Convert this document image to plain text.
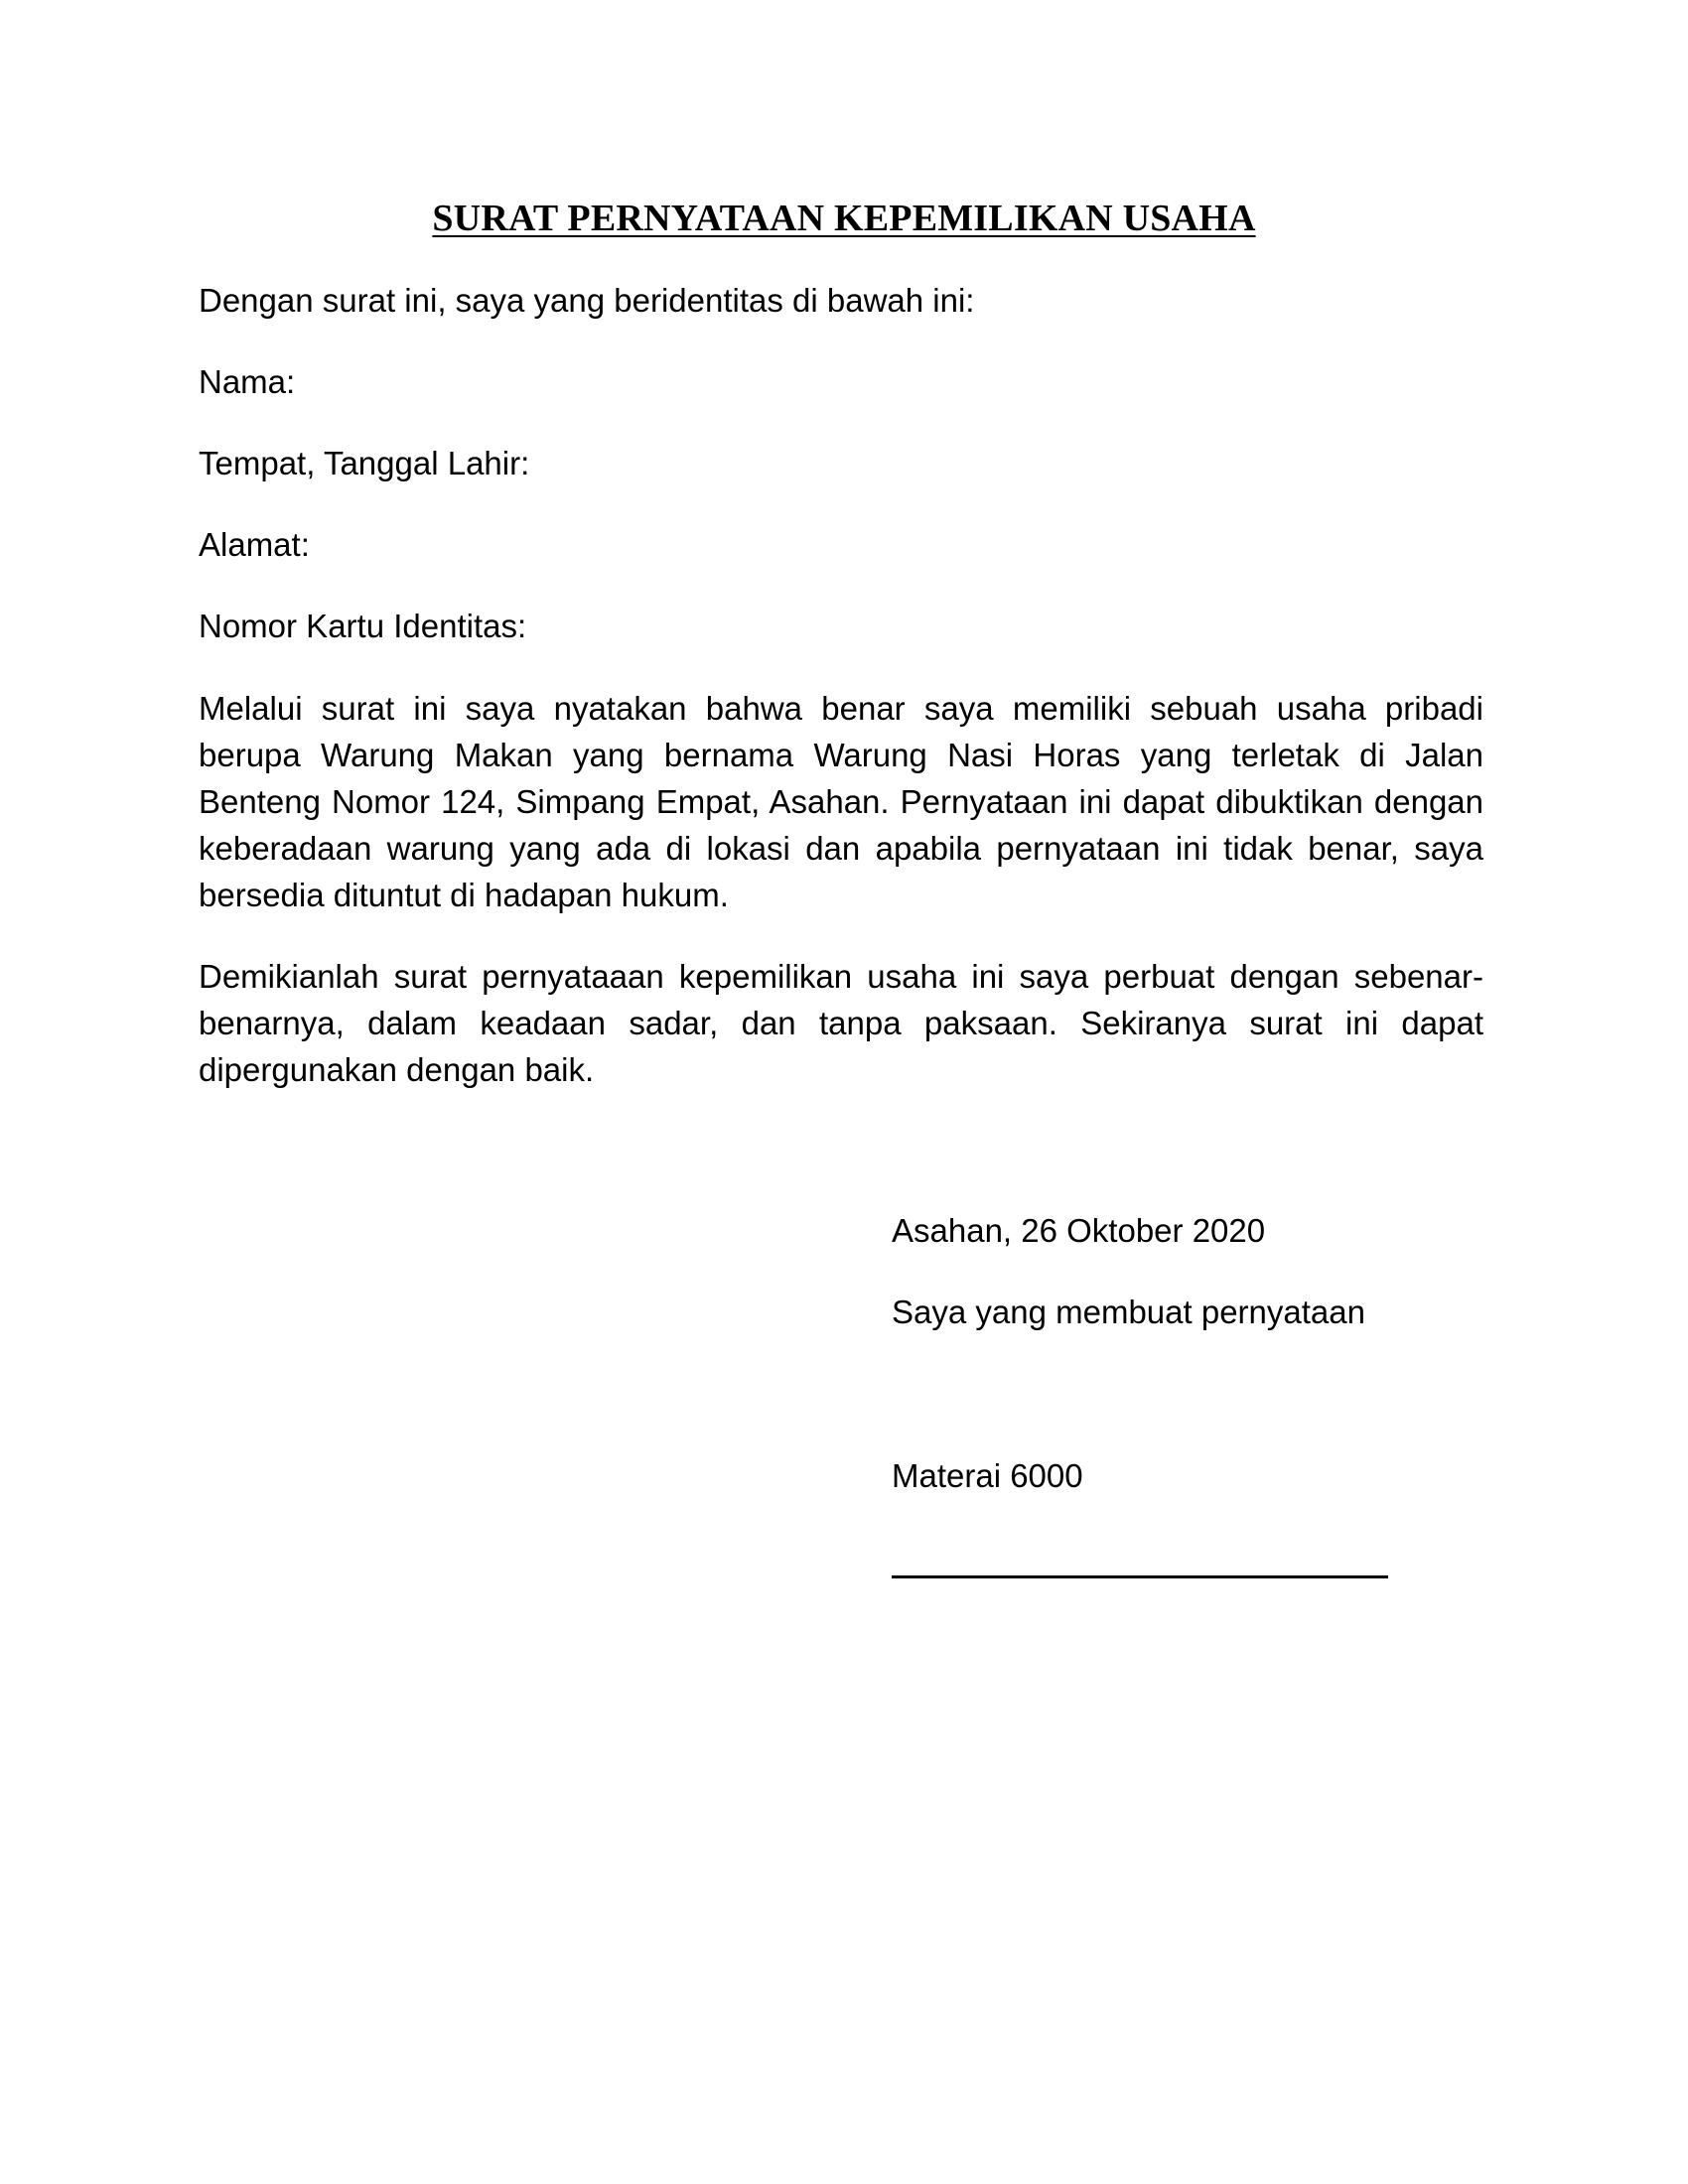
SURAT PERNYATAAN KEPEMILIKAN USAHA
Dengan surat ini, saya yang beridentitas di bawah ini:
Nama:
Tempat, Tanggal Lahir:
Alamat:
Nomor Kartu Identitas:
Melalui surat ini saya nyatakan bahwa benar saya memiliki sebuah usaha pribadi berupa Warung Makan yang bernama Warung Nasi Horas yang terletak di Jalan Benteng Nomor 124, Simpang Empat, Asahan. Pernyataan ini dapat dibuktikan dengan keberadaan warung yang ada di lokasi dan apabila pernyataan ini tidak benar, saya bersedia dituntut di hadapan hukum.
Demikianlah surat pernyataaan kepemilikan usaha ini saya perbuat dengan sebenar-benarnya, dalam keadaan sadar, dan tanpa paksaan. Sekiranya surat ini dapat dipergunakan dengan baik.
Asahan, 26 Oktober 2020
Saya yang membuat pernyataan
Materai 6000
